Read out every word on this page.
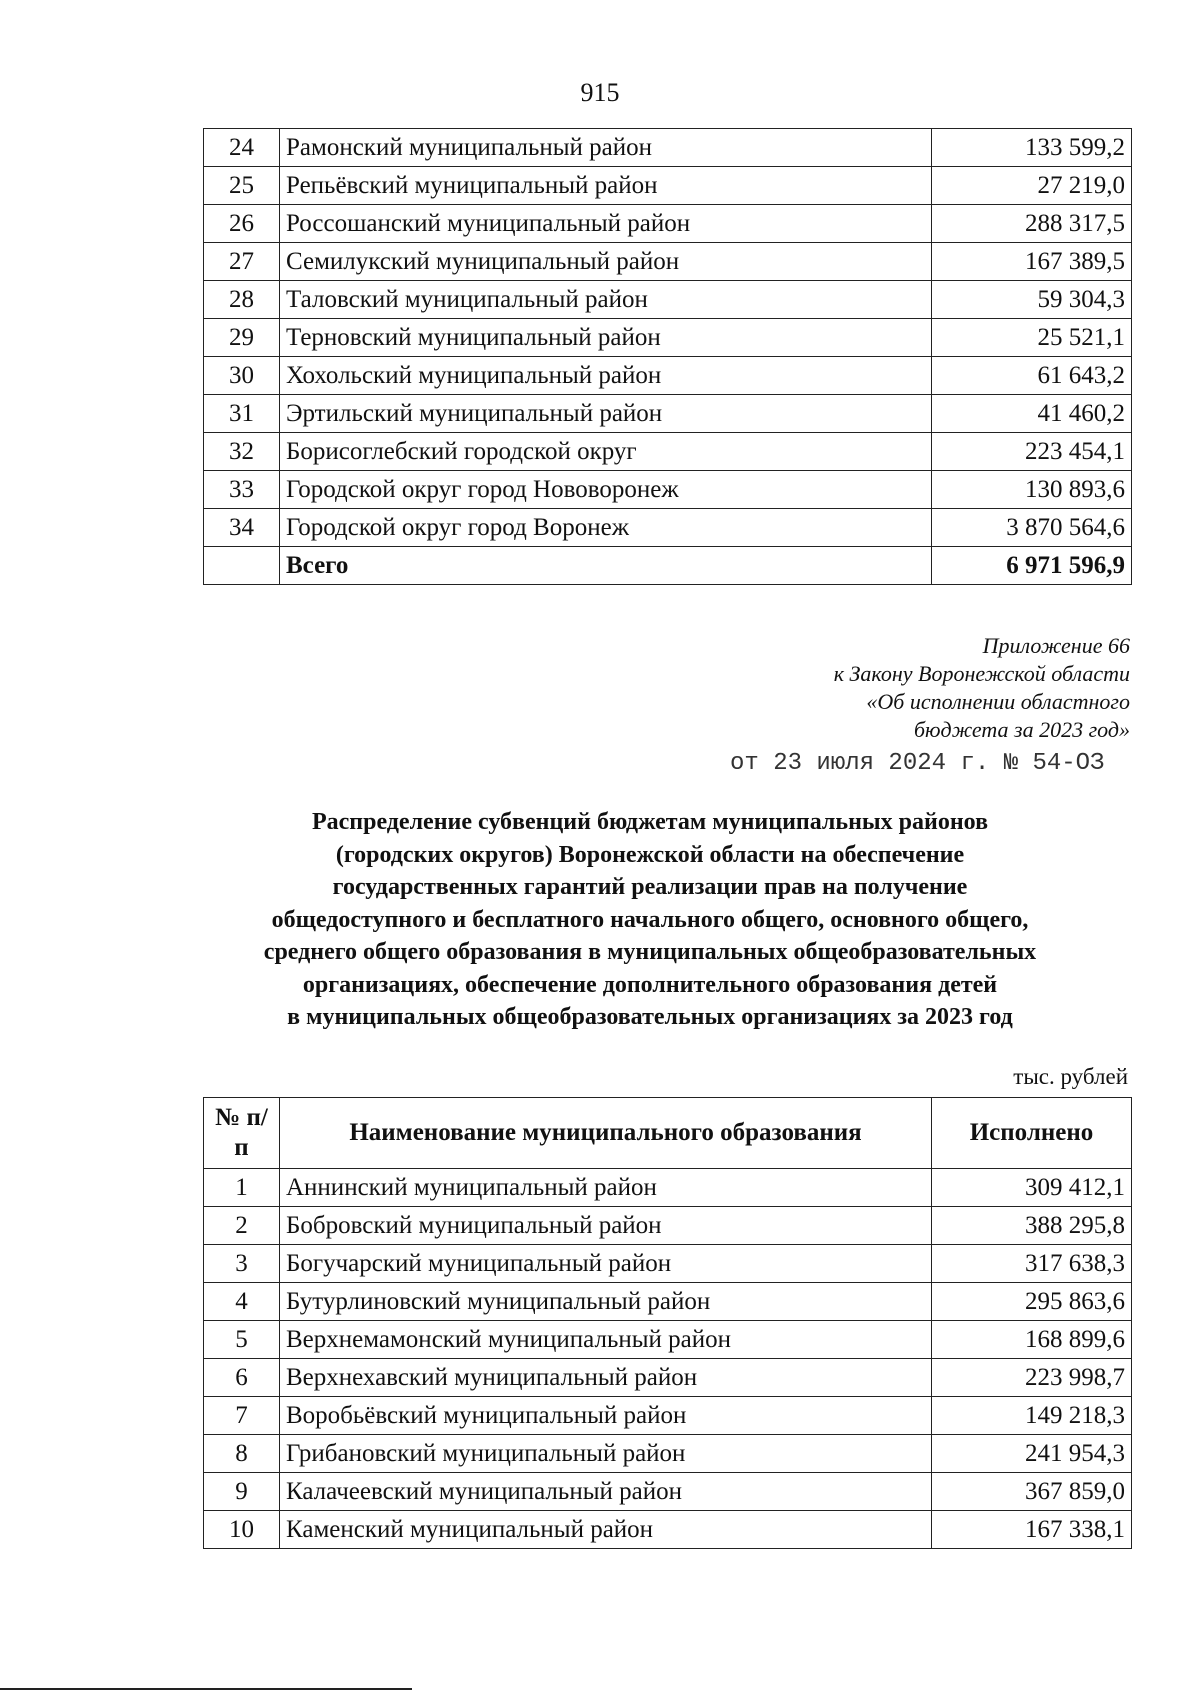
915
24	Рамонский муниципальный район	133 599,2
25	Репьёвский муниципальный район	27 219,0
26	Россошанский муниципальный район	288 317,5
27	Семилукский муниципальный район	167 389,5
28	Таловский муниципальный район	59 304,3
29	Терновский муниципальный район	25 521,1
30	Хохольский муниципальный район	61 643,2
31	Эртильский муниципальный район	41 460,2
32	Борисоглебский городской округ	223 454,1
33	Городской округ город Нововоронеж	130 893,6
34	Городской округ город Воронеж	3 870 564,6
	Всего	6 971 596,9
Приложение 66
к Закону Воронежской области
«Об исполнении областного
бюджета за 2023 год»
от 23 июля 2024 г. № 54-ОЗ
Распределение субвенций бюджетам муниципальных районов
(городских округов) Воронежской области на обеспечение
государственных гарантий реализации прав на получение
общедоступного и бесплатного начального общего, основного общего,
среднего общего образования в муниципальных общеобразовательных
организациях, обеспечение дополнительного образования детей
в муниципальных общеобразовательных организациях за 2023 год
тыс. рублей
№ п/п	Наименование муниципального образования	Исполнено
1	Аннинский муниципальный район	309 412,1
2	Бобровский муниципальный район	388 295,8
3	Богучарский муниципальный район	317 638,3
4	Бутурлиновский муниципальный район	295 863,6
5	Верхнемамонский муниципальный район	168 899,6
6	Верхнехавский муниципальный район	223 998,7
7	Воробьёвский муниципальный район	149 218,3
8	Грибановский муниципальный район	241 954,3
9	Калачеевский муниципальный район	367 859,0
10	Каменский муниципальный район	167 338,1
